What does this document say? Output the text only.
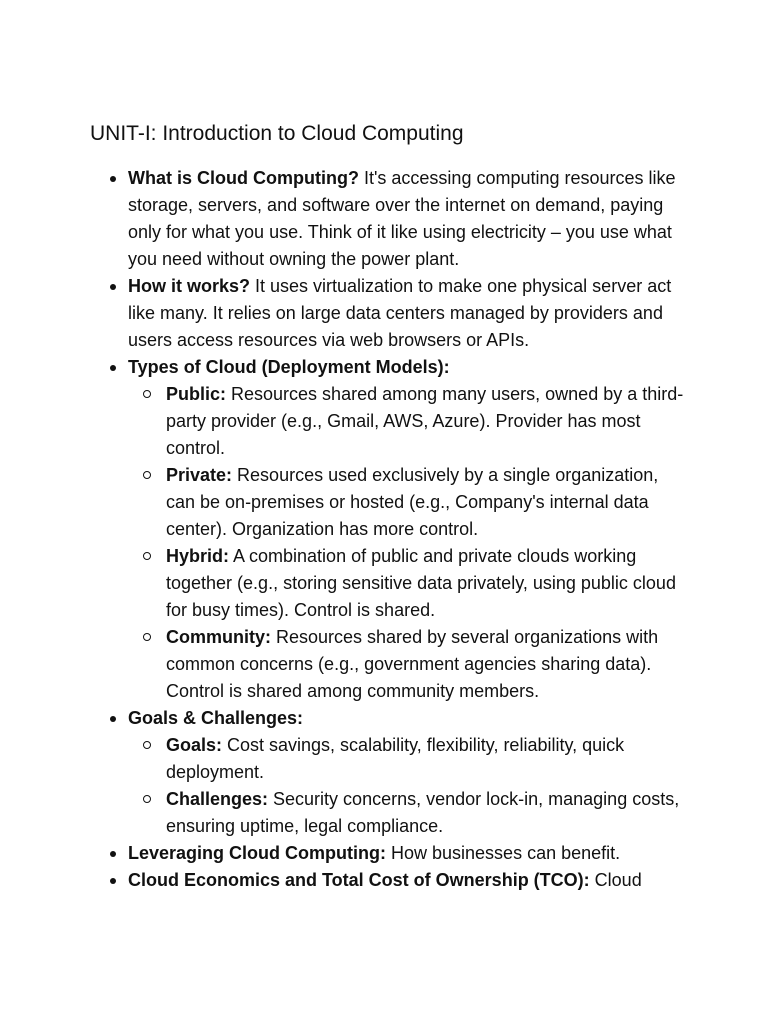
UNIT-I: Introduction to Cloud Computing
What is Cloud Computing? It's accessing computing resources like storage, servers, and software over the internet on demand, paying only for what you use. Think of it like using electricity – you use what you need without owning the power plant.
How it works? It uses virtualization to make one physical server act like many. It relies on large data centers managed by providers and users access resources via web browsers or APIs.
Types of Cloud (Deployment Models):
Public: Resources shared among many users, owned by a third-party provider (e.g., Gmail, AWS, Azure). Provider has most control.
Private: Resources used exclusively by a single organization, can be on-premises or hosted (e.g., Company's internal data center). Organization has more control.
Hybrid: A combination of public and private clouds working together (e.g., storing sensitive data privately, using public cloud for busy times). Control is shared.
Community: Resources shared by several organizations with common concerns (e.g., government agencies sharing data). Control is shared among community members.
Goals & Challenges:
Goals: Cost savings, scalability, flexibility, reliability, quick deployment.
Challenges: Security concerns, vendor lock-in, managing costs, ensuring uptime, legal compliance.
Leveraging Cloud Computing: How businesses can benefit.
Cloud Economics and Total Cost of Ownership (TCO): Cloud
